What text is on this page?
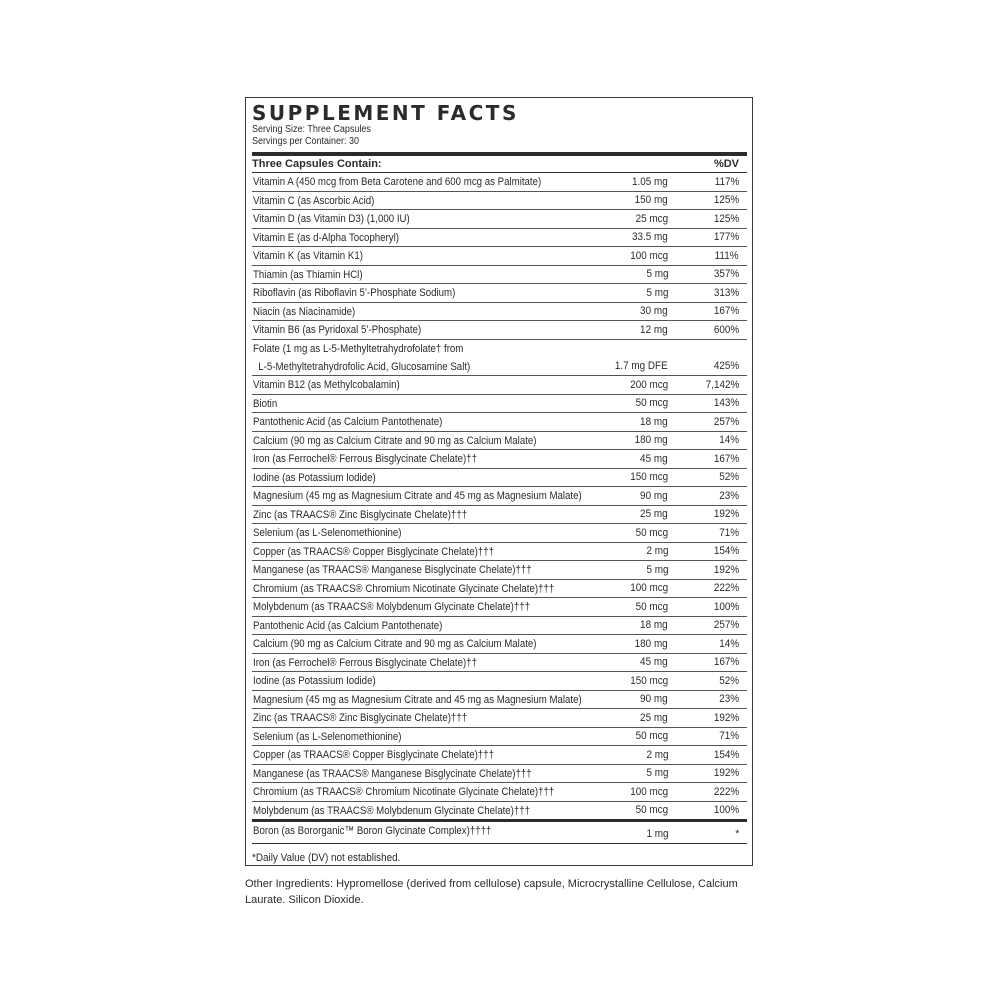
SUPPLEMENT FACTS
Serving Size: Three Capsules
Servings per Container: 30
Three Capsules Contain:	%DV
Vitamin A (450 mcg from Beta Carotene and 600 mcg as Palmitate)	1.05 mg	117%
Vitamin C (as Ascorbic Acid)	150 mg	125%
Vitamin D (as Vitamin D3) (1,000 IU)	25 mcg	125%
Vitamin E (as d-Alpha Tocopheryl)	33.5 mg	177%
Vitamin K (as Vitamin K1)	100 mcg	111%
Thiamin (as Thiamin HCl)	5 mg	357%
Riboflavin (as Riboflavin 5’-Phosphate Sodium)	5 mg	313%
Niacin (as Niacinamide)	30 mg	167%
Vitamin B6 (as Pyridoxal 5’-Phosphate)	12 mg	600%
Folate (1 mg as L-5-Methyltetrahydrofolate† from
L-5-Methyltetrahydrofolic Acid, Glucosamine Salt)	1.7 mg DFE	425%
Vitamin B12 (as Methylcobalamin)	200 mcg	7,142%
Biotin	50 mcg	143%
Pantothenic Acid (as Calcium Pantothenate)	18 mg	257%
Calcium (90 mg as Calcium Citrate and 90 mg as Calcium Malate)	180 mg	14%
Iron (as Ferrochel® Ferrous Bisglycinate Chelate)††	45 mg	167%
Iodine (as Potassium Iodide)	150 mcg	52%
Magnesium (45 mg as Magnesium Citrate and 45 mg as Magnesium Malate)	90 mg	23%
Zinc (as TRAACS® Zinc Bisglycinate Chelate)†††	25 mg	192%
Selenium (as L-Selenomethionine)	50 mcg	71%
Copper (as TRAACS® Copper Bisglycinate Chelate)†††	2 mg	154%
Manganese (as TRAACS® Manganese Bisglycinate Chelate)†††	5 mg	192%
Chromium (as TRAACS® Chromium Nicotinate Glycinate Chelate)†††	100 mcg	222%
Molybdenum (as TRAACS® Molybdenum Glycinate Chelate)†††	50 mcg	100%
Pantothenic Acid (as Calcium Pantothenate)	18 mg	257%
Calcium (90 mg as Calcium Citrate and 90 mg as Calcium Malate)	180 mg	14%
Iron (as Ferrochel® Ferrous Bisglycinate Chelate)††	45 mg	167%
Iodine (as Potassium Iodide)	150 mcg	52%
Magnesium (45 mg as Magnesium Citrate and 45 mg as Magnesium Malate)	90 mg	23%
Zinc (as TRAACS® Zinc Bisglycinate Chelate)†††	25 mg	192%
Selenium (as L-Selenomethionine)	50 mcg	71%
Copper (as TRAACS® Copper Bisglycinate Chelate)†††	2 mg	154%
Manganese (as TRAACS® Manganese Bisglycinate Chelate)†††	5 mg	192%
Chromium (as TRAACS® Chromium Nicotinate Glycinate Chelate)†††	100 mcg	222%
Molybdenum (as TRAACS® Molybdenum Glycinate Chelate)†††	50 mcg	100%
Boron (as Bororganic™ Boron Glycinate Complex)††††	1 mg	*
*Daily Value (DV) not established.
Other Ingredients: Hypromellose (derived from cellulose) capsule, Microcrystalline Cellulose, Calcium Laurate. Silicon Dioxide.
